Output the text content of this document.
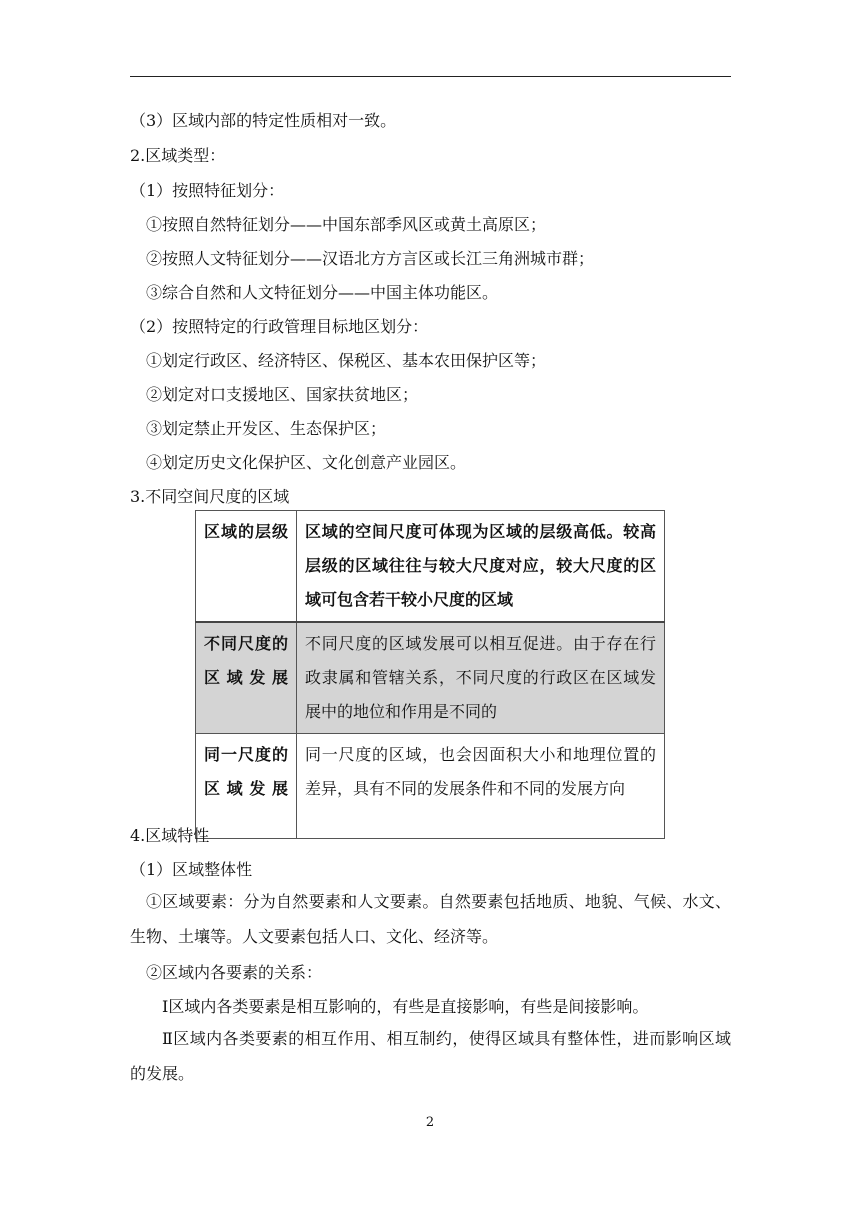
（3）区域内部的特定性质相对一致。
2.区域类型：
（1）按照特征划分：
①按照自然特征划分——中国东部季风区或黄土高原区；
②按照人文特征划分——汉语北方方言区或长江三角洲城市群；
③综合自然和人文特征划分——中国主体功能区。
（2）按照特定的行政管理目标地区划分：
①划定行政区、经济特区、保税区、基本农田保护区等；
②划定对口支援地区、国家扶贫地区；
③划定禁止开发区、生态保护区；
④划定历史文化保护区、文化创意产业园区。
3.不同空间尺度的区域
区域的层级	区域的空间尺度可体现为区域的层级高低。较高层级的区域往往与较大尺度对应，较大尺度的区域可包含若干较小尺度的区域
不同尺度的区域发展	不同尺度的区域发展可以相互促进。由于存在行政隶属和管辖关系，不同尺度的行政区在区域发展中的地位和作用是不同的
同一尺度的区域发展	同一尺度的区域，也会因面积大小和地理位置的差异，具有不同的发展条件和不同的发展方向
4.区域特性
（1）区域整体性
①区域要素：分为自然要素和人文要素。自然要素包括地质、地貌、气候、水文、生物、土壤等。人文要素包括人口、文化、经济等。
②区域内各要素的关系：
Ⅰ区域内各类要素是相互影响的，有些是直接影响，有些是间接影响。
Ⅱ区域内各类要素的相互作用、相互制约，使得区域具有整体性，进而影响区域的发展。
2
